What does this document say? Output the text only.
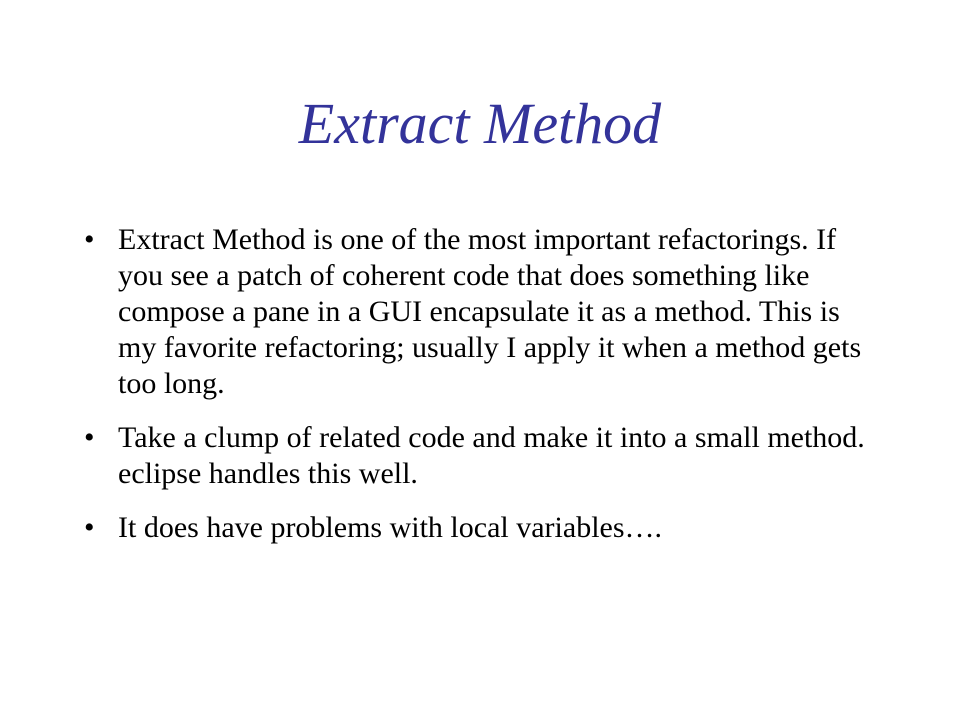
Extract Method
• Extract Method is one of the most important refactorings. If you see a patch of coherent code that does something like compose a pane in a GUI encapsulate it as a method. This is my favorite refactoring; usually I apply it when a method gets too long.
• Take a clump of related code and make it into a small method. eclipse handles this well.
• It does have problems with local variables….
